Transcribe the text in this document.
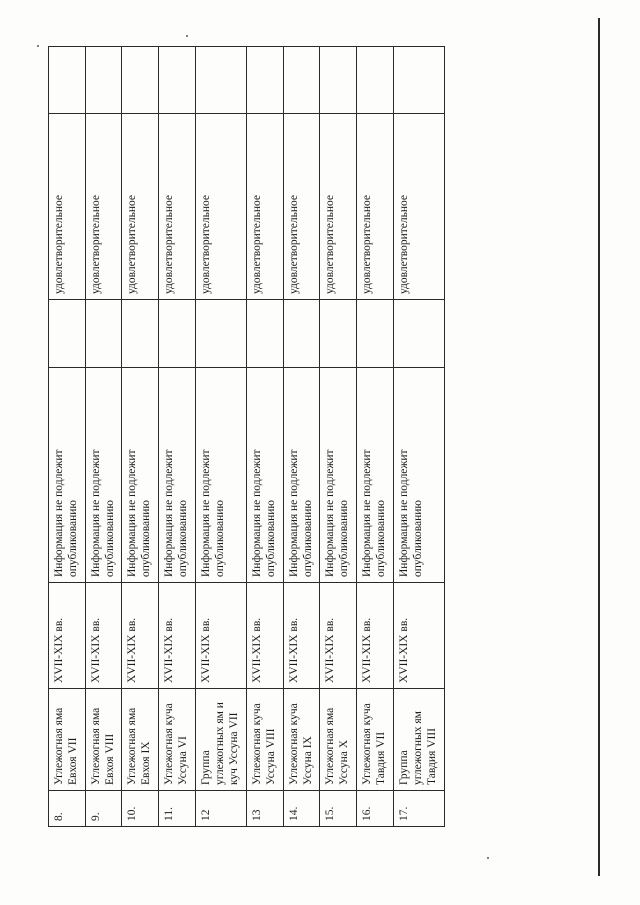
8.	Углежогная яма Евхоя VII	XVII-XIX вв.	Информация не подлежит опубликованию		удовлетворительное	
9.	Углежогная яма Евхоя VIII	XVII-XIX вв.	Информация не подлежит опубликованию		удовлетворительное	
10.	Углежогная яма Евхоя IX	XVII-XIX вв.	Информация не подлежит опубликованию		удовлетворительное	
11.	Углежогная куча Уссуна VI	XVII-XIX вв.	Информация не подлежит опубликованию		удовлетворительное	
12	Группа углежогных ям и куч Уссуна VII	XVII-XIX вв.	Информация не подлежит опубликованию		удовлетворительное	
13	Углежогная куча Уссуна VIII	XVII-XIX вв.	Информация не подлежит опубликованию		удовлетворительное	
14.	Углежогная куча Уссуна IX	XVII-XIX вв.	Информация не подлежит опубликованию		удовлетворительное	
15.	Углежогная яма Уссуна X	XVII-XIX вв.	Информация не подлежит опубликованию		удовлетворительное	
16.	Углежогная куча Тавдия VII	XVII-XIX вв.	Информация не подлежит опубликованию		удовлетворительное	
17.	Группа углежогных ям Тавдия VIII	XVII-XIX вв.	Информация не подлежит опубликованию		удовлетворительное	
